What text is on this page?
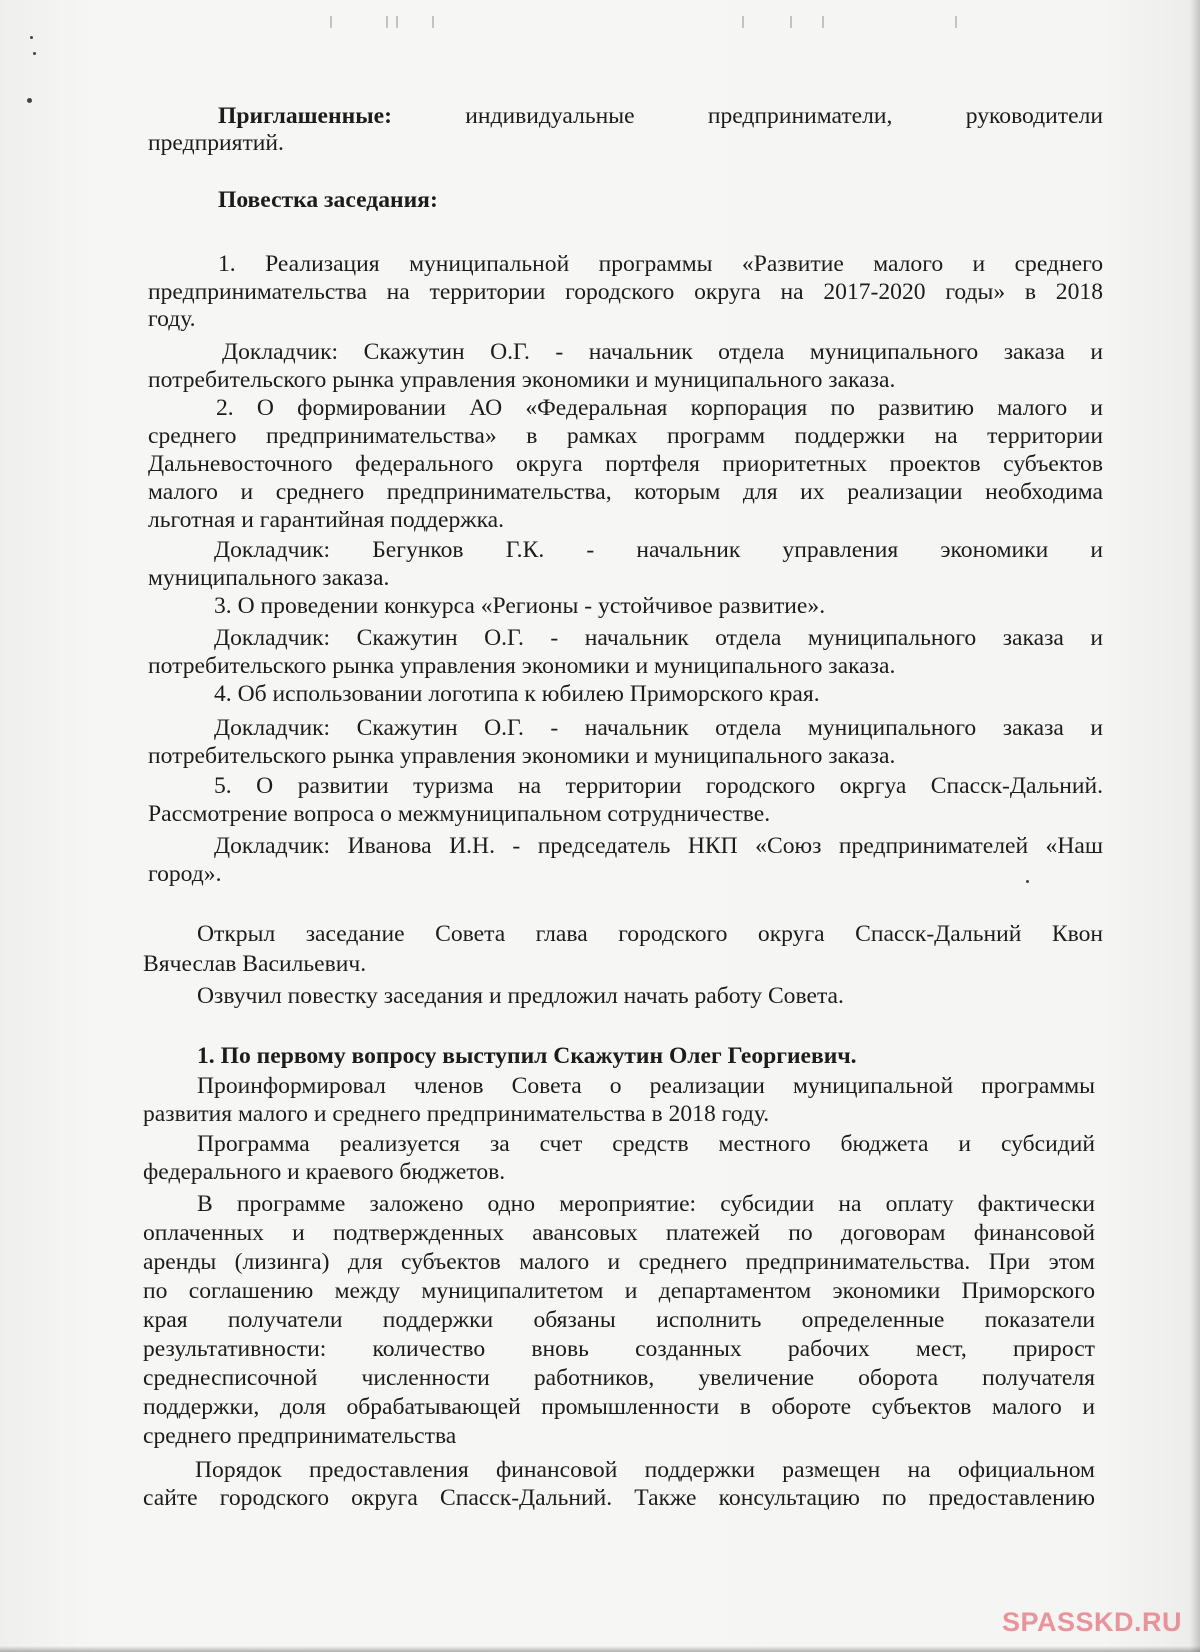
Приглашенные:	индивидуальные предприниматели, руководители

предприятий.

Повестка заседания:

1. Реализация муниципальной программы «Развитие малого и среднего

предпринимательства на территории городского округа на 2017-2020 годы» в 2018

году.

Докладчик: Скажутин О.Г. - начальник отдела муниципального заказа и

потребительского рынка управления экономики и муниципального заказа.

2. О формировании АО «Федеральная корпорация по развитию малого и

среднего предпринимательства» в рамках программ поддержки на территории

Дальневосточного федерального округа портфеля приоритетных проектов субъектов

малого и среднего предпринимательства, которым для их реализации необходима

льготная и гарантийная поддержка.

Докладчик: Бегунков Г.К. - начальник управления экономики и

муниципального заказа.

3. О проведении конкурса «Регионы - устойчивое развитие».

Докладчик: Скажутин О.Г. - начальник отдела муниципального заказа и

потребительского рынка управления экономики и муниципального заказа.

4. Об использовании логотипа к юбилею Приморского края.

Докладчик: Скажутин О.Г. - начальник отдела муниципального заказа и

потребительского рынка управления экономики и муниципального заказа.

5. О развитии туризма на территории городского окргуа Спасск-Дальний.

Рассмотрение вопроса о межмуниципальном сотрудничестве.

Докладчик: Иванова И.Н. - председатель НКП «Союз предпринимателей «Наш

город».

Открыл заседание Совета глава городского округа Спасск-Дальний Квон

Вячеслав Васильевич.

Озвучил повестку заседания и предложил начать работу Совета.

1. По первому вопросу выступил Скажутин Олег Георгиевич.

Проинформировал членов Совета о реализации муниципальной программы

развития малого и среднего предпринимательства в 2018 году.

Программа реализуется за счет средств местного бюджета и субсидий

федерального и краевого бюджетов.

В программе заложено одно мероприятие: субсидии на оплату фактически

оплаченных и подтвержденных авансовых платежей по договорам финансовой

аренды (лизинга) для субъектов малого и среднего предпринимательства. При этом

по соглашению между муниципалитетом и департаментом экономики Приморского

края получатели поддержки обязаны исполнить определенные показатели

результативности: количество вновь созданных рабочих мест, прирост

среднесписочной численности работников, увеличение оборота получателя

поддержки, доля обрабатывающей промышленности в обороте субъектов малого и

среднего предпринимательства

Порядок предоставления финансовой поддержки размещен на официальном

сайте городского округа Спасск-Дальний. Также консультацию по предоставлению

SPASSKD.RU
